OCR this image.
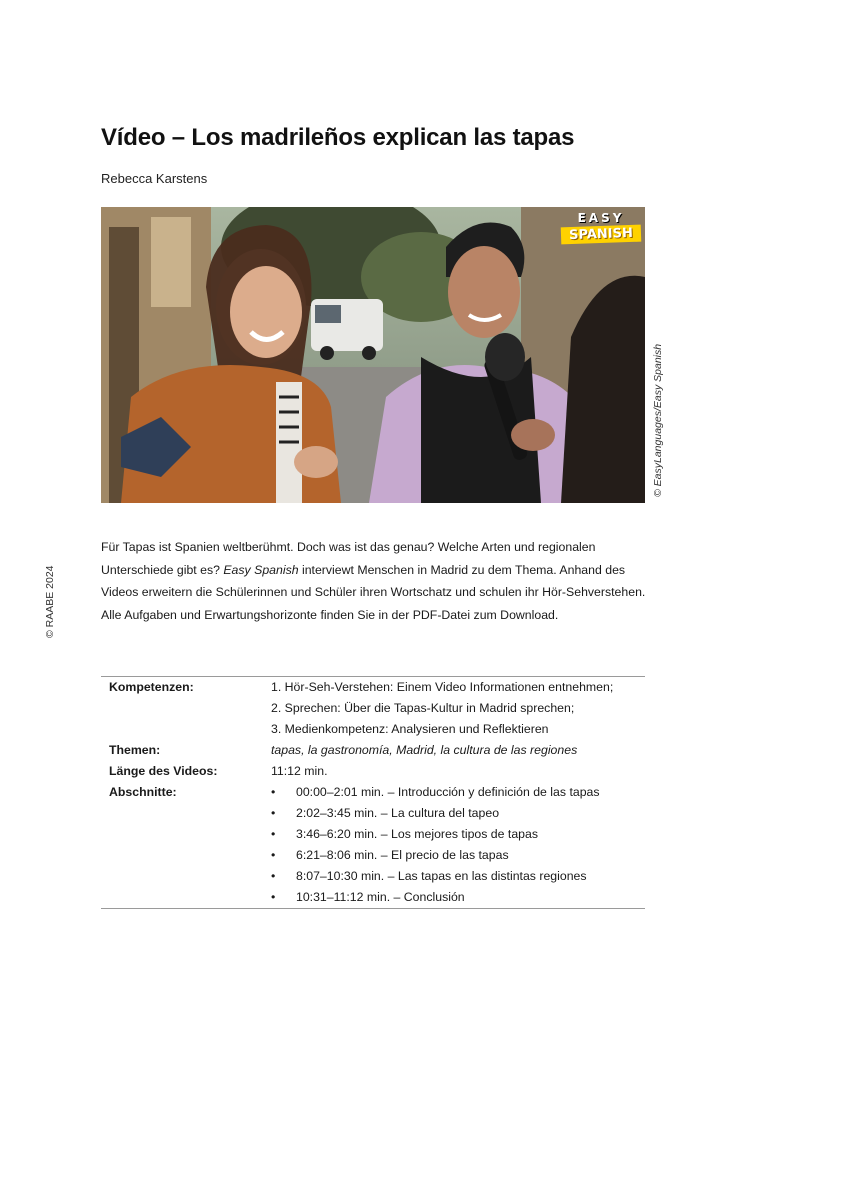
Vídeo – Los madrileños explican las tapas
Rebecca Karstens
EASY
SPANISH
© EasyLanguages/Easy Spanish
© RAABE 2024
Für Tapas ist Spanien weltberühmt. Doch was ist das genau? Welche Arten und regionalen Unterschiede gibt es? Easy Spanish interviewt Menschen in Madrid zu dem Thema. Anhand des Videos erweitern die Schülerinnen und Schüler ihren Wortschatz und schulen ihr Hör-Sehverstehen. Alle Aufgaben und Erwartungshorizonte finden Sie in der PDF-Datei zum Download.
Kompetenzen:	1. Hör-Seh-Verstehen: Einem Video Informationen entnehmen;
2. Sprechen: Über die Tapas-Kultur in Madrid sprechen;
3. Medienkompetenz: Analysieren und Reflektieren
Themen:	tapas, la gastronomía, Madrid, la cultura de las regiones
Länge des Videos:	11:12 min.
Abschnitte:
•	00:00–2:01 min. – Introducción y definición de las tapas
•
2:02–3:45 min. – La cultura del tapeo
•
3:46–6:20 min. – Los mejores tipos de tapas
•
6:21–8:06 min. – El precio de las tapas
•
8:07–10:30 min. – Las tapas en las distintas regiones
•
10:31–11:12 min. – Conclusión
